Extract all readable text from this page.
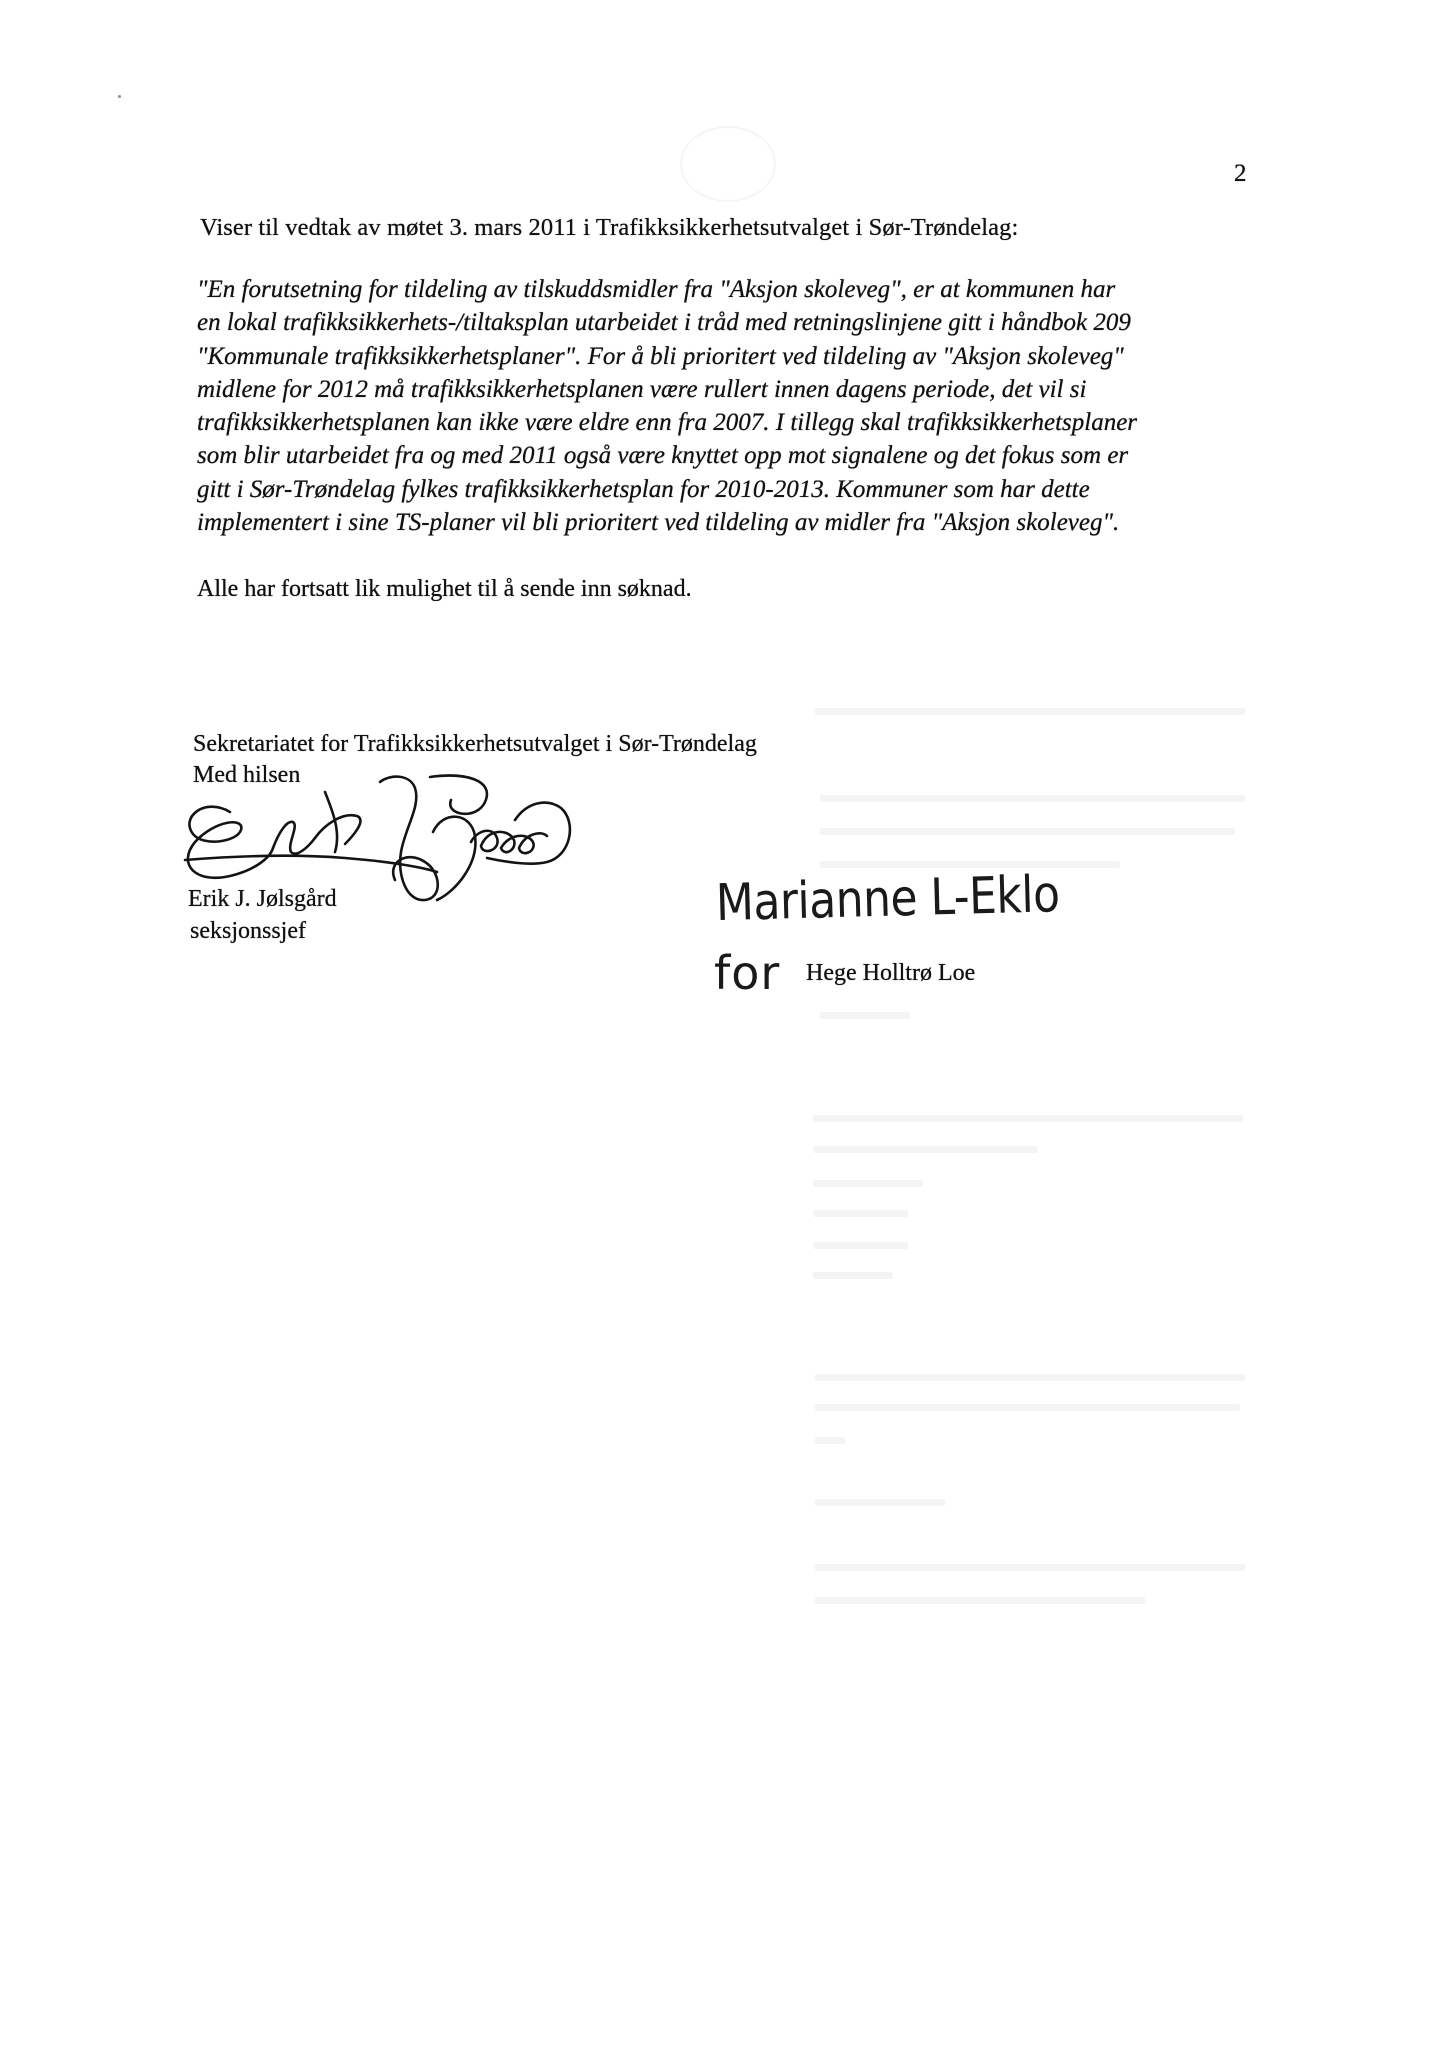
2
Viser til vedtak av møtet 3. mars 2011 i Trafikksikkerhetsutvalget i Sør-Trøndelag:
"En forutsetning for tildeling av tilskuddsmidler fra "Aksjon skoleveg", er at kommunen har
en lokal trafikksikkerhets-/tiltaksplan utarbeidet i tråd med retningslinjene gitt i håndbok 209
"Kommunale trafikksikkerhetsplaner". For å bli prioritert ved tildeling av "Aksjon skoleveg"
midlene for 2012 må trafikksikkerhetsplanen være rullert innen dagens periode, det vil si
trafikksikkerhetsplanen kan ikke være eldre enn fra 2007. I tillegg skal trafikksikkerhetsplaner
som blir utarbeidet fra og med 2011 også være knyttet opp mot signalene og det fokus som er
gitt i Sør-Trøndelag fylkes trafikksikkerhetsplan for 2010-2013. Kommuner som har dette
implementert i sine TS-planer vil bli prioritert ved tildeling av midler fra "Aksjon skoleveg".
Alle har fortsatt lik mulighet til å sende inn søknad.
Sekretariatet for Trafikksikkerhetsutvalget i Sør-Trøndelag
Med hilsen
Erik J. Jølsgård
seksjonssjef	Marianne L-Eklo
for Hege Holltrø Loe
